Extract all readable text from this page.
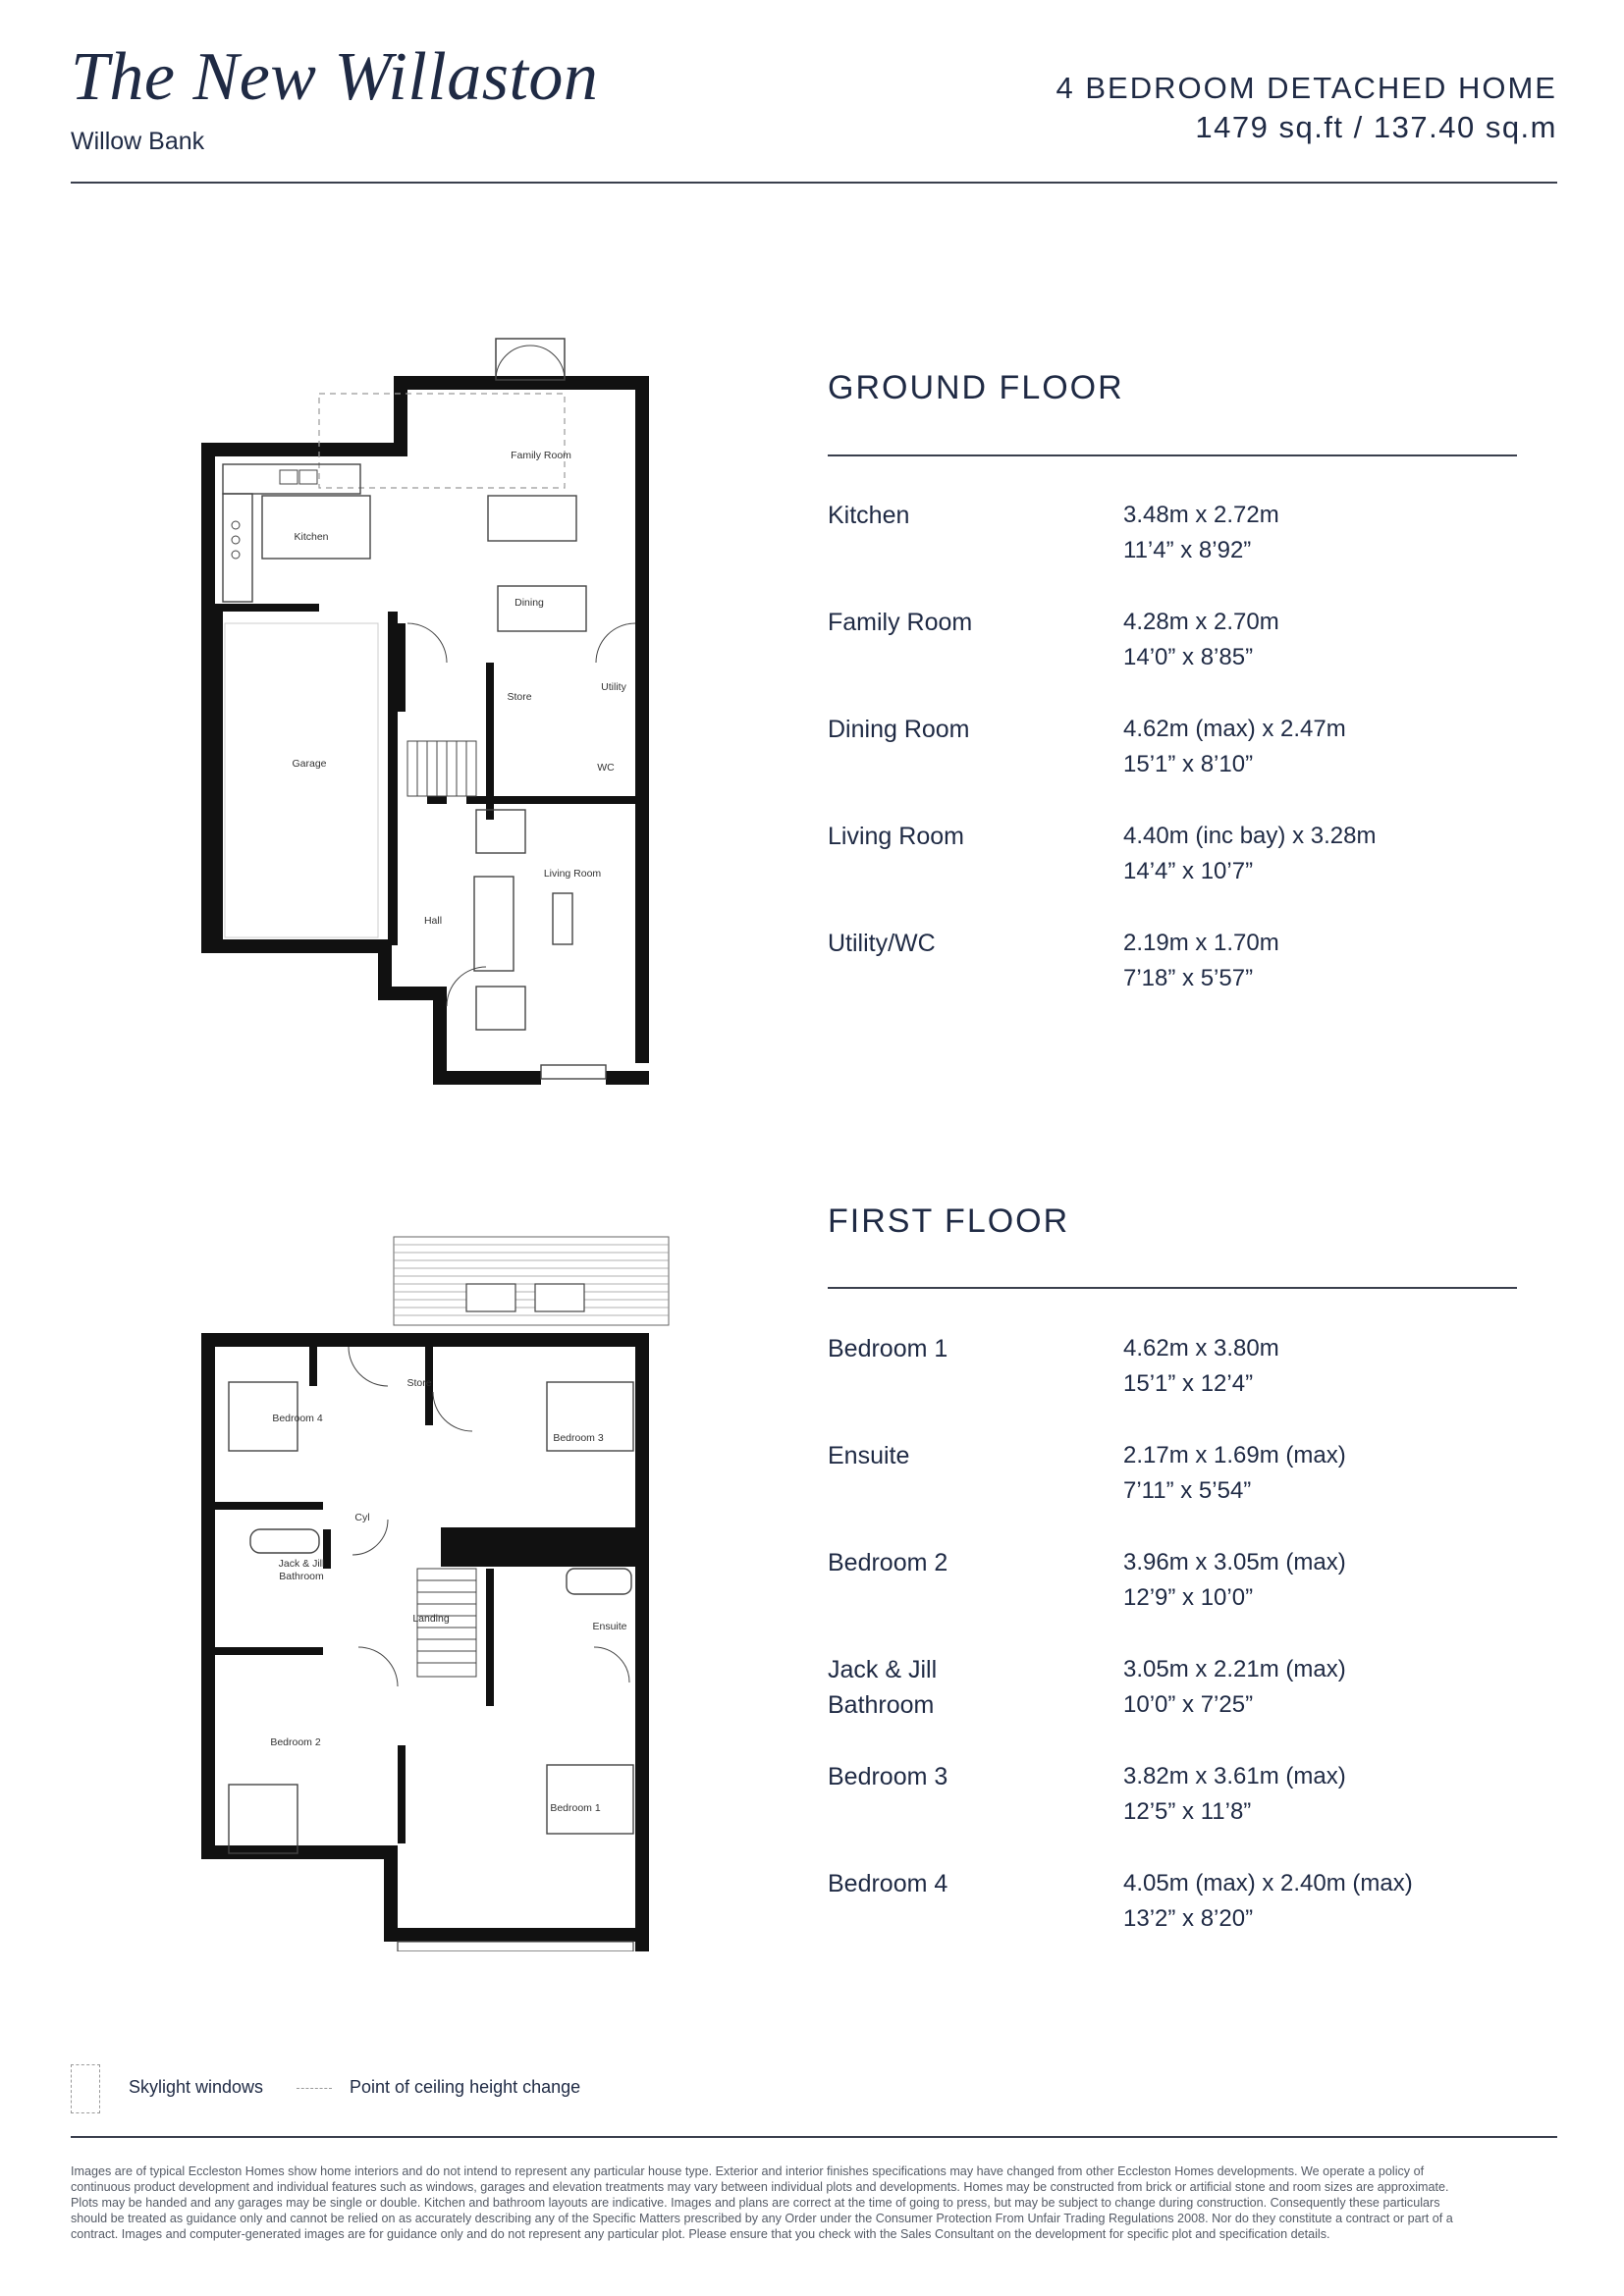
The New Willaston
Willow Bank
4 BEDROOM DETACHED HOME
1479 sq.ft / 137.40 sq.m
GROUND FLOOR
Kitchen	3.48m x 2.72m
11’4” x 8’92”
Family Room	4.28m x 2.70m
14’0” x 8’85”
Dining Room	4.62m (max) x 2.47m
15’1” x 8’10”
Living Room	4.40m (inc bay) x 3.28m
14’4” x 10’7”
Utility/WC	2.19m x 1.70m
7’18” x 5’57”
FIRST FLOOR
Bedroom 1	4.62m x 3.80m
15’1” x 12’4”
Ensuite	2.17m x 1.69m (max)
7’11” x 5’54”
Bedroom 2	3.96m x 3.05m (max)
12’9” x 10’0”
Jack & Jill
Bathroom
3.05m x 2.21m (max)
10’0” x 7’25”
Bedroom 3	3.82m x 3.61m (max)
12’5” x 11’8”
Bedroom 4	4.05m (max) x 2.40m (max)
13’2” x 8’20”
Family Room
Kitchen
Dining
Store
Utility
WC
Garage
Living Room
Hall
Bedroom 4
Store
Bedroom 3
Cyl
Jack & Jill
Bathroom
Landing
Ensuite
Bedroom 2
Bedroom 1
Skylight windows	Point of ceiling height change
Images are of typical Eccleston Homes show home interiors and do not intend to represent any particular house type. Exterior and interior finishes specifications may have changed from other Eccleston Homes developments. We operate a policy of continuous product development and individual features such as windows, garages and elevation treatments may vary between individual plots and developments. Homes may be constructed from brick or artificial stone and room sizes are approximate. Plots may be handed and any garages may be single or double. Kitchen and bathroom layouts are indicative. Images and plans are correct at the time of going to press, but may be subject to change during construction. Consequently these particulars should be treated as guidance only and cannot be relied on as accurately describing any of the Specific Matters prescribed by any Order under the Consumer Protection From Unfair Trading Regulations 2008. Nor do they constitute a contract or part of a contract. Images and computer-generated images are for guidance only and do not represent any particular plot. Please ensure that you check with the Sales Consultant on the development for specific plot and specification details.
